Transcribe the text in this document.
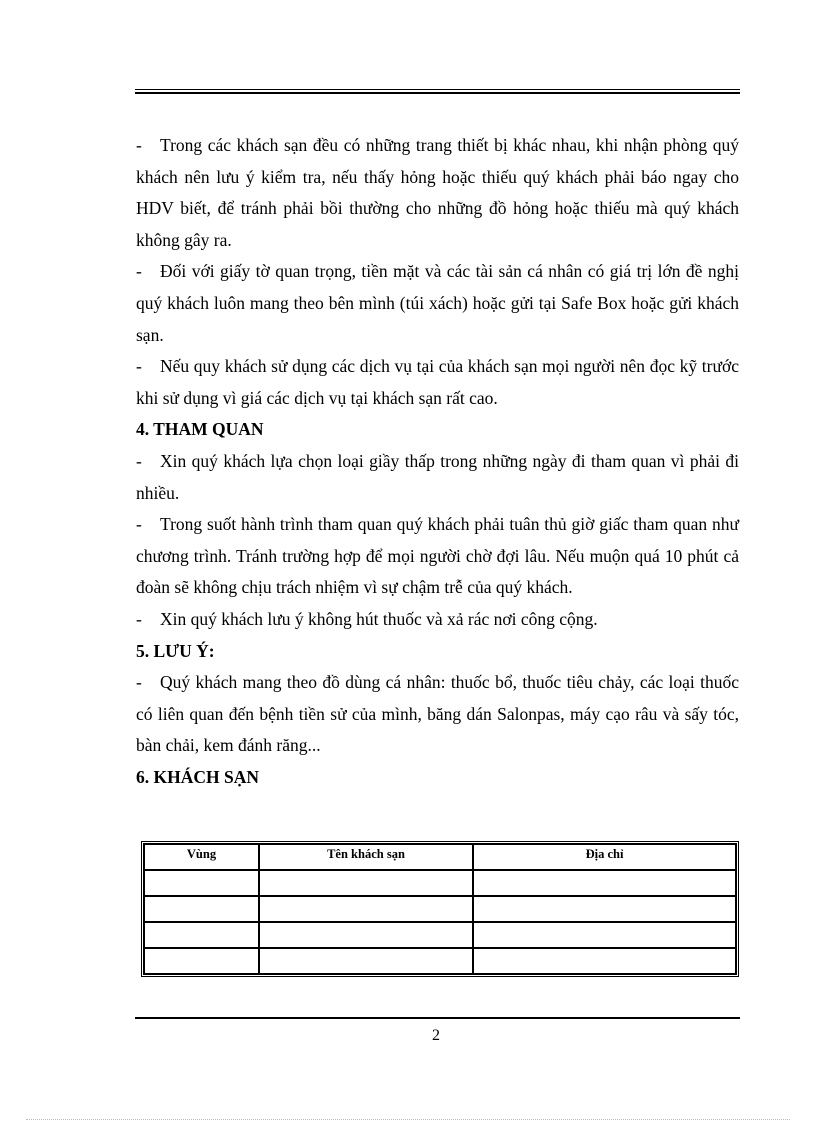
- Trong các khách sạn đều có những trang thiết bị khác nhau, khi nhận phòng quý khách nên lưu ý kiểm tra, nếu thấy hỏng hoặc thiếu quý khách phải báo ngay cho HDV biết, để tránh phải bồi thường cho những đồ hỏng hoặc thiếu mà quý khách không gây ra.

- Đối với giấy tờ quan trọng, tiền mặt và các tài sản cá nhân có giá trị lớn đề nghị quý khách luôn mang theo bên mình (túi xách) hoặc gửi tại Safe Box hoặc gửi khách sạn.

- Nếu quy khách sử dụng các dịch vụ tại của khách sạn mọi người nên đọc kỹ trước khi sử dụng vì giá các dịch vụ tại khách sạn rất cao.

4. THAM QUAN

- Xin quý khách lựa chọn loại giầy thấp trong những ngày đi tham quan vì phải đi nhiều.

- Trong suốt hành trình tham quan quý khách phải tuân thủ giờ giấc tham quan như chương trình. Tránh trường hợp để mọi người chờ đợi lâu. Nếu muộn quá 10 phút cả đoàn sẽ không chịu trách nhiệm vì sự chậm trễ của quý khách.

- Xin quý khách lưu ý không hút thuốc và xả rác nơi công cộng.

5. LƯU Ý:

- Quý khách mang theo đồ dùng cá nhân: thuốc bổ, thuốc tiêu chảy, các loại thuốc có liên quan đến bệnh tiền sử của mình, băng dán Salonpas, máy cạo râu và sấy tóc, bàn chải, kem đánh răng...

6. KHÁCH SẠN

Vùng	Tên khách sạn	Địa chỉ

2
